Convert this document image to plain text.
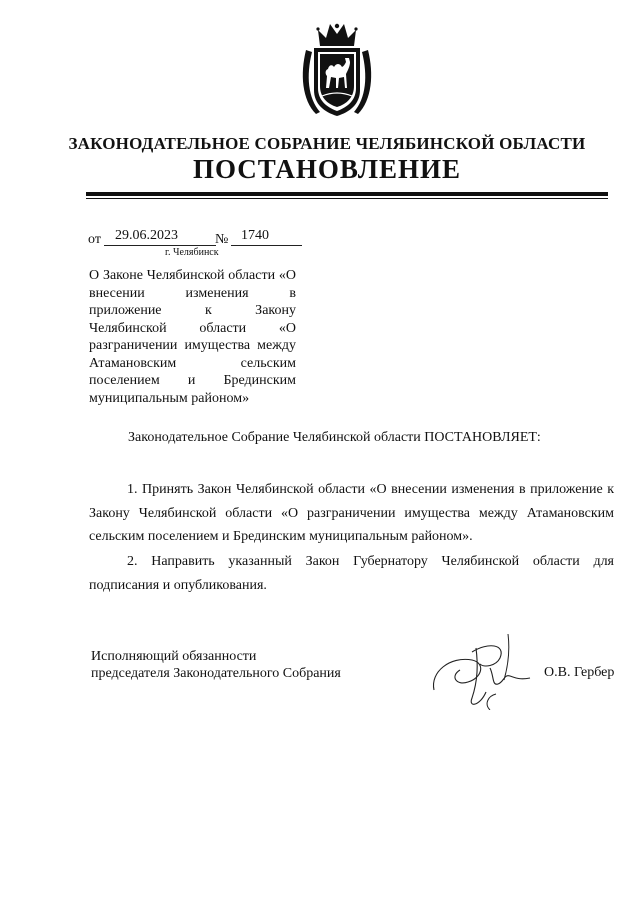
ЗАКОНОДАТЕЛЬНОЕ СОБРАНИЕ ЧЕЛЯБИНСКОЙ ОБЛАСТИ
ПОСТАНОВЛЕНИЕ
от 29.06.2023	№ 1740
г. Челябинск
О Законе Челябинской области «О внесении изменения в приложение к Закону Челябинской области «О разграничении имущества между Атамановским сельским поселением и Брединским муниципальным районом»
Законодательное Собрание Челябинской области ПОСТАНОВЛЯЕТ:
1. Принять Закон Челябинской области «О внесении изменения в приложение к Закону Челябинской области «О разграничении имущества между Атамановским сельским поселением и Брединским муниципальным районом».
2. Направить указанный Закон Губернатору Челябинской области для подписания и опубликования.
Исполняющий обязанности
председателя Законодательного Собрания	О.В. Гербер
